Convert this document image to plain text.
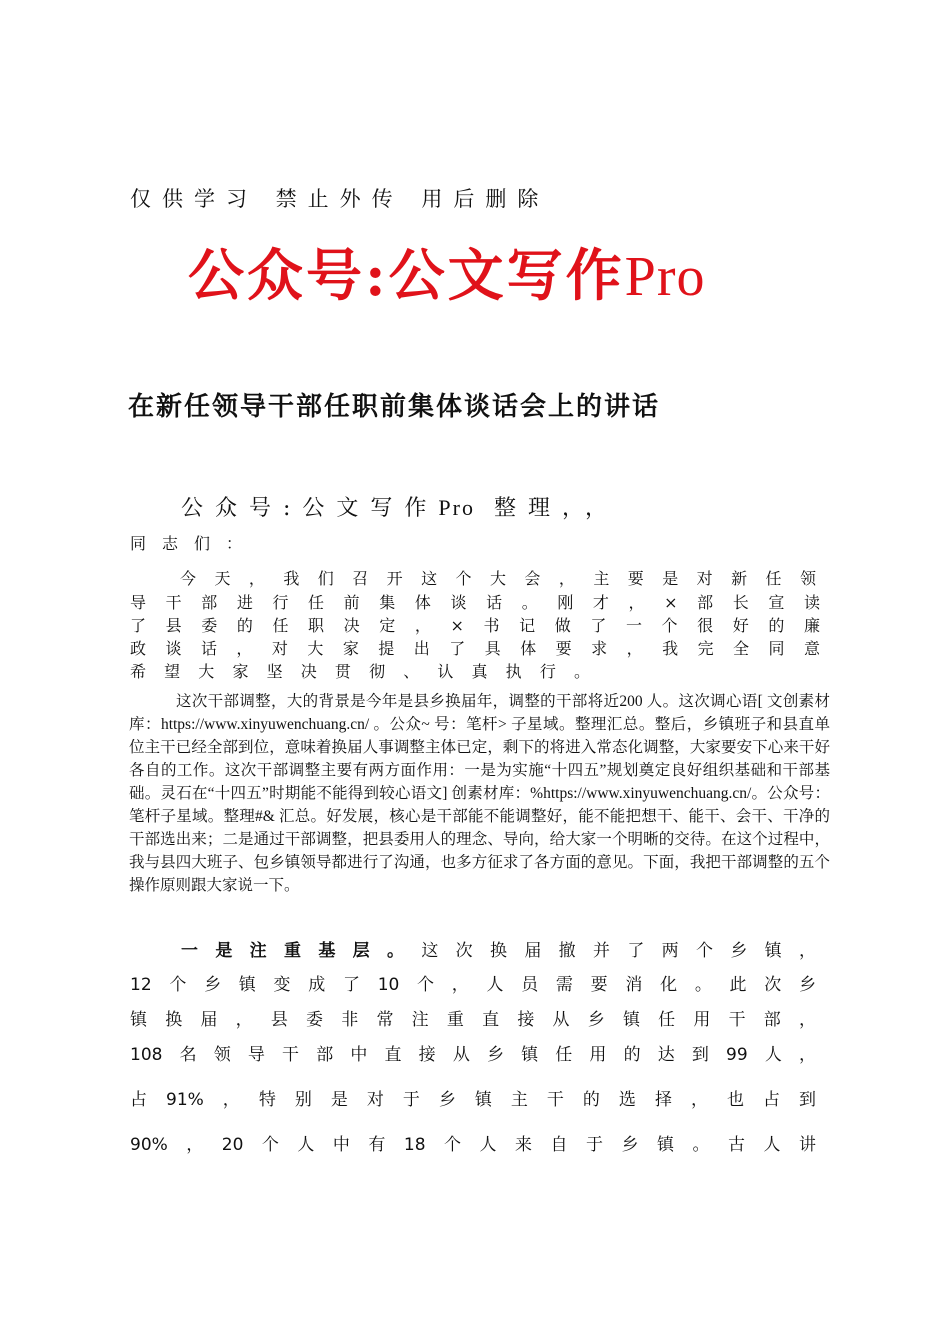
仅供学习 禁止外传 用后删除
公众号:公文写作Pro
在新任领导干部任职前集体谈话会上的讲话
公众号:公文写作Pro 整理，，
同志们：
今天，我们召开这个大会，主要是对新任领
导干部进行任前集体谈话。刚才，×部长宣读
了县委的任职决定，×书记做了一个很好的廉
政谈话，对大家提出了具体要求，我完全同意
希望大家坚决贯彻、认真执行。

这次干部调整，大的背景是今年是县乡换届年，调整的干部将近200 人。这次调心语[ 文创素材库：https://www.xinyuwenchuang.cn/ 。公众~ 号：笔杆> 子星域。整理汇总。整后，乡镇班子和县直单位主干已经全部到位，意味着换届人事调整主体已定，剩下的将进入常态化调整，大家要安下心来干好各自的工作。这次干部调整主要有两方面作用：一是为实施“十四五”规划奠定良好组织基础和干部基础。灵石在“十四五”时期能不能得到较心语文] 创素材库：%https://www.xinyuwenchuang.cn/。公众号：笔杆子星域。整理#& 汇总。好发展，核心是干部能不能调整好，能不能把想干、能干、会干、干净的干部选出来；二是通过干部调整，把县委用人的理念、导向，给大家一个明晰的交待。在这个过程中，我与县四大班子、包乡镇领导都进行了沟通，也多方征求了各方面的意见。下面，我把干部调整的五个操作原则跟大家说一下。

一是注重基层。这次换届撤并了两个乡镇，
12个乡镇变成了10个，人员需要消化。此次乡
镇换届，县委非常注重直接从乡镇任用干部，
108名领导干部中直接从乡镇任用的达到99人，
占91%，特别是对于乡镇主干的选择，也占到
90%，20个人中有18个人来自于乡镇。古人讲
